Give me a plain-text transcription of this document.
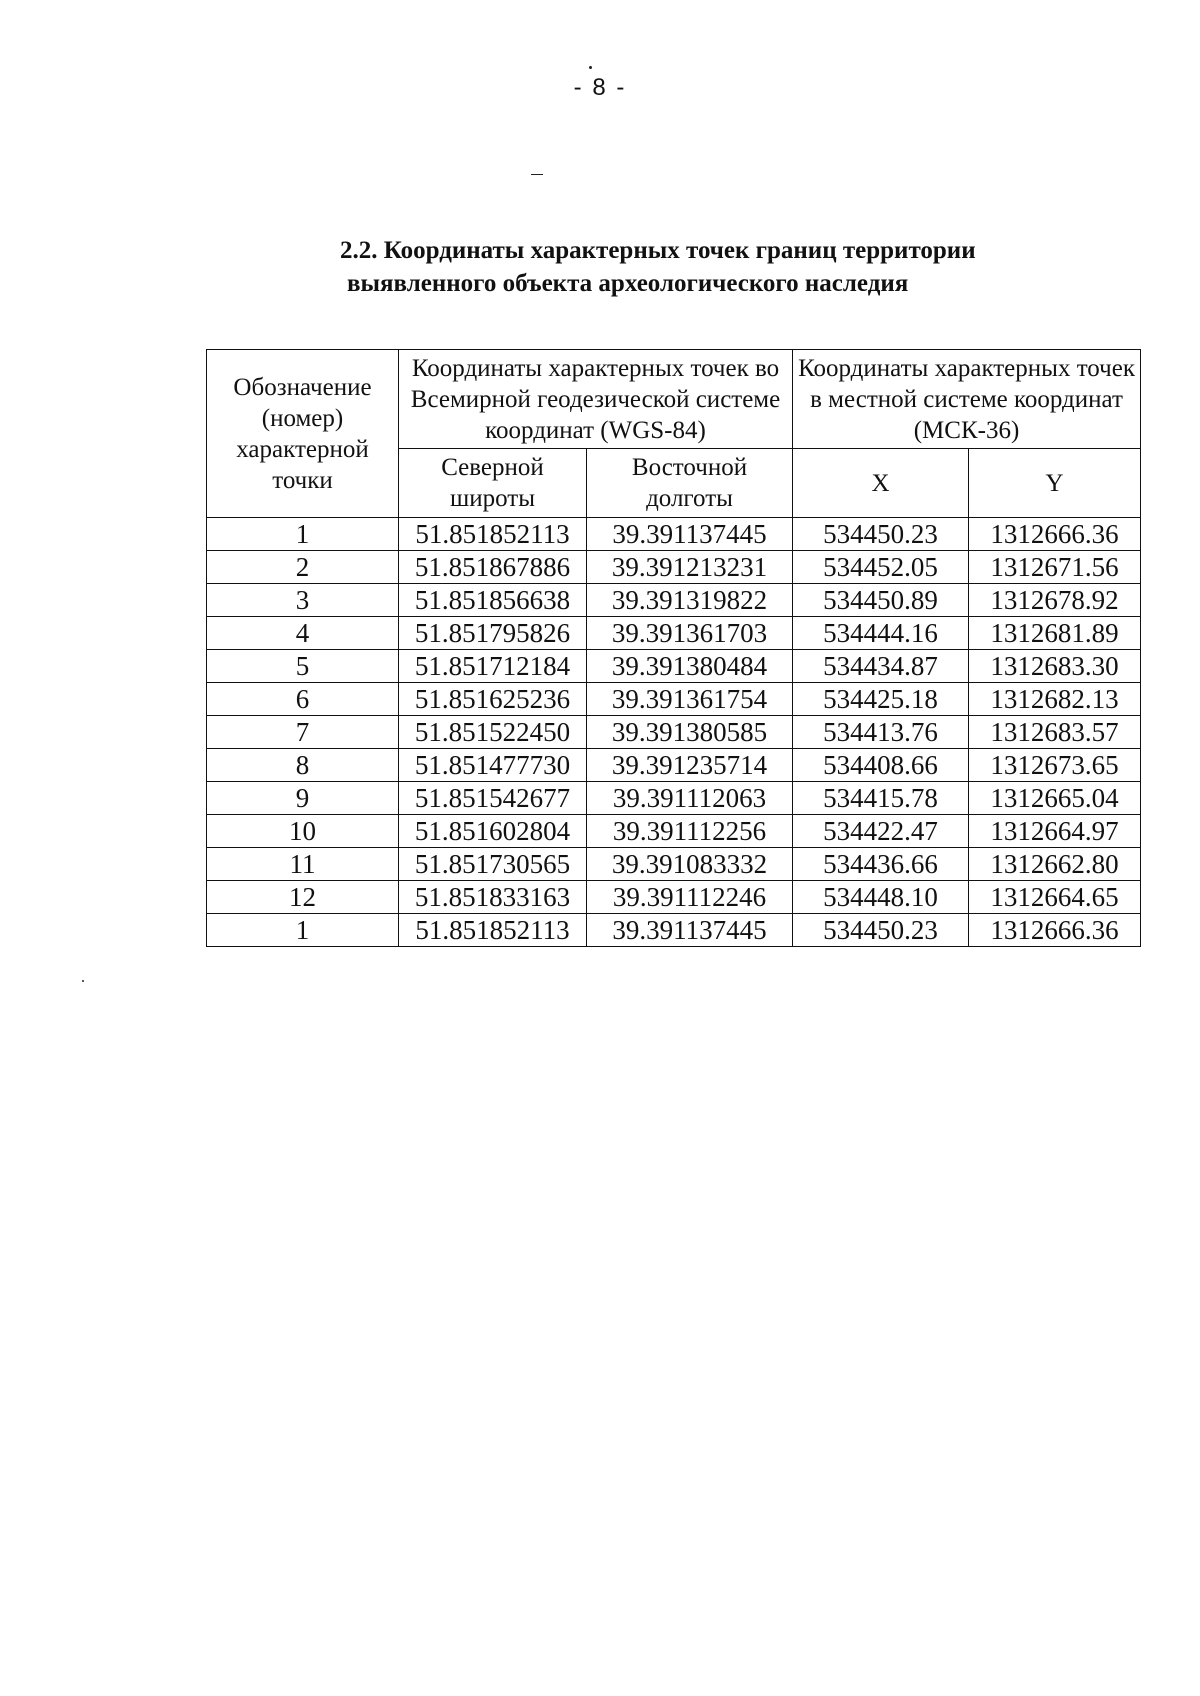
- 8 -
2.2. Координаты характерных точек границ территории
выявленного объекта археологического наследия
Обозначение (номер) характерной точки	Координаты характерных точек во Всемирной геодезической системе координат (WGS-84)		Координаты характерных точек в местной системе координат (МСК-36)	
	Северной широты	Восточной долготы	X	Y
1	51.851852113	39.391137445	534450.23	1312666.36
2	51.851867886	39.391213231	534452.05	1312671.56
3	51.851856638	39.391319822	534450.89	1312678.92
4	51.851795826	39.391361703	534444.16	1312681.89
5	51.851712184	39.391380484	534434.87	1312683.30
6	51.851625236	39.391361754	534425.18	1312682.13
7	51.851522450	39.391380585	534413.76	1312683.57
8	51.851477730	39.391235714	534408.66	1312673.65
9	51.851542677	39.391112063	534415.78	1312665.04
10	51.851602804	39.391112256	534422.47	1312664.97
11	51.851730565	39.391083332	534436.66	1312662.80
12	51.851833163	39.391112246	534448.10	1312664.65
1	51.851852113	39.391137445	534450.23	1312666.36
